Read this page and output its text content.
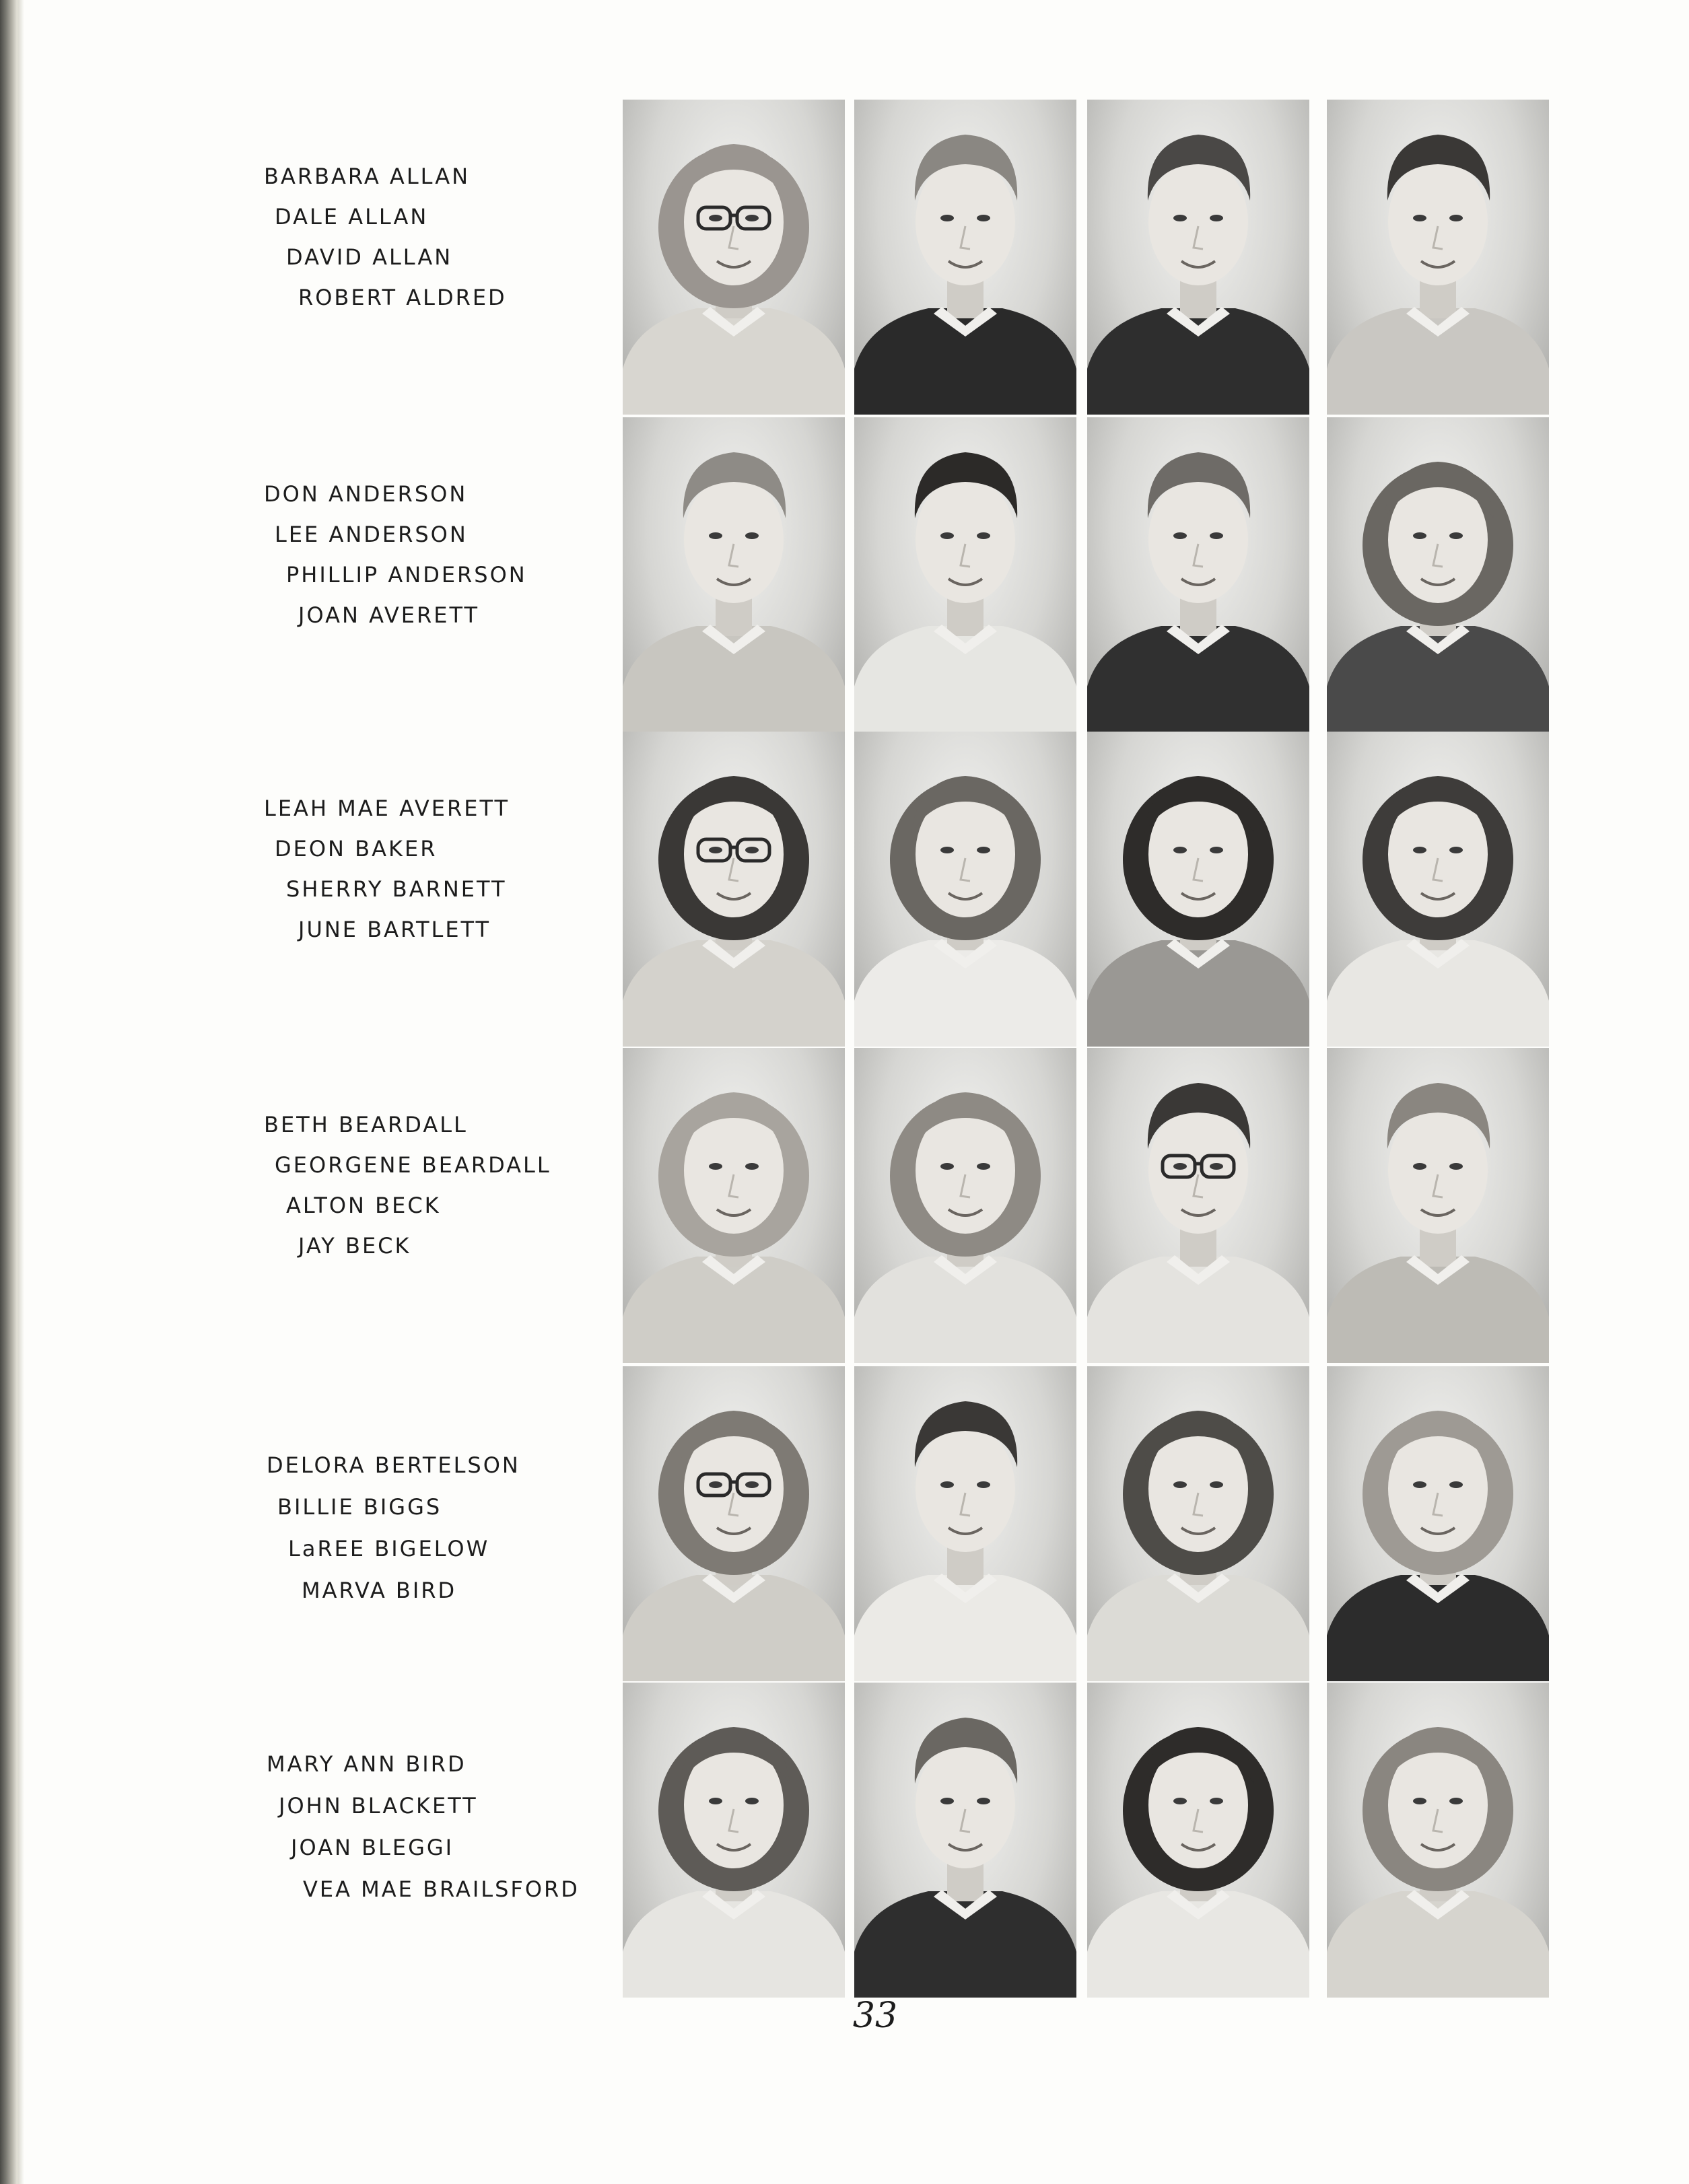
BARBARA ALLAN
DALE ALLAN
DAVID ALLAN
ROBERT ALDRED
DON ANDERSON
LEE ANDERSON
PHILLIP ANDERSON
JOAN AVERETT
LEAH MAE AVERETT
DEON BAKER
SHERRY BARNETT
JUNE BARTLETT
BETH BEARDALL
GEORGENE BEARDALL
ALTON BECK
JAY BECK
DELORA BERTELSON
BILLIE BIGGS
LaREE BIGELOW
MARVA BIRD
MARY ANN BIRD
JOHN BLACKETT
JOAN BLEGGI
VEA MAE BRAILSFORD
33
